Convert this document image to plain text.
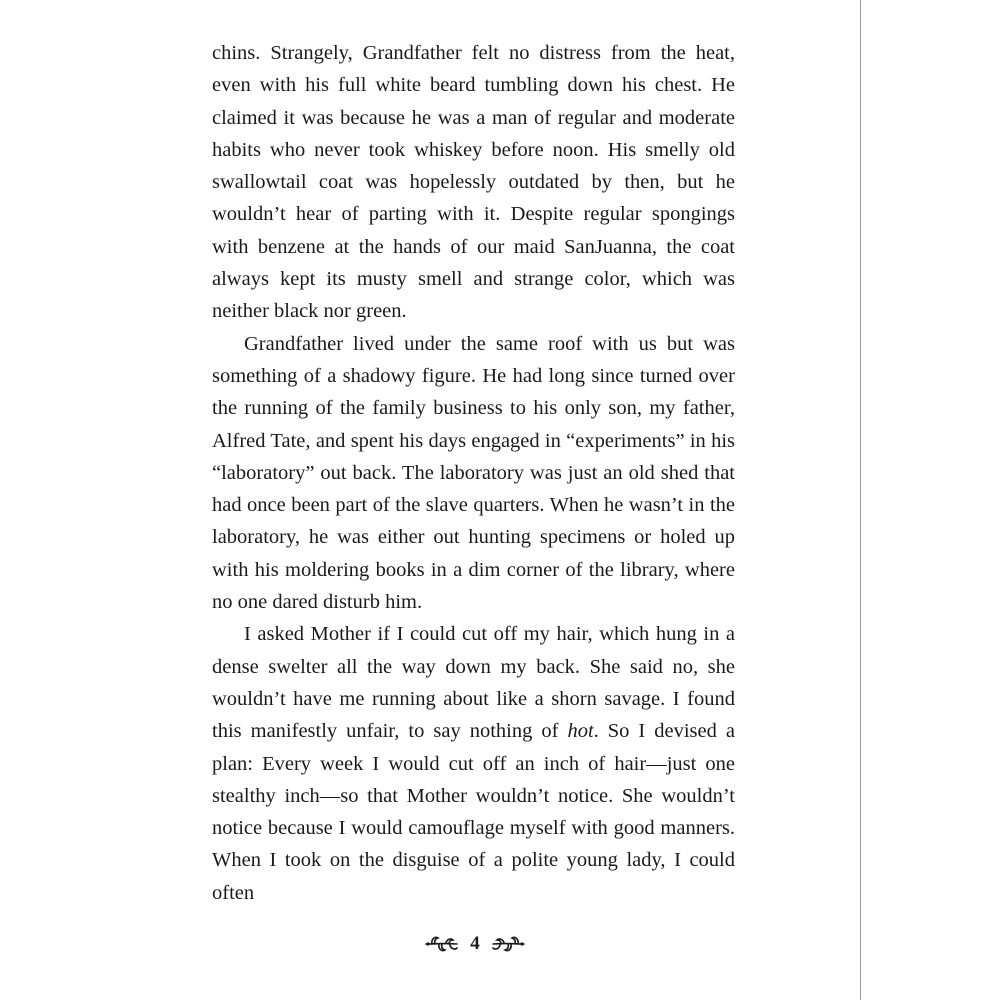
chins. Strangely, Grandfather felt no distress from the heat, even with his full white beard tumbling down his chest. He claimed it was because he was a man of regular and moderate habits who never took whiskey before noon. His smelly old swallowtail coat was hopelessly outdated by then, but he wouldn’t hear of parting with it. Despite regular spongings with benzene at the hands of our maid SanJuanna, the coat always kept its musty smell and strange color, which was neither black nor green.

Grandfather lived under the same roof with us but was something of a shadowy figure. He had long since turned over the running of the family business to his only son, my father, Alfred Tate, and spent his days engaged in “experiments” in his “laboratory” out back. The laboratory was just an old shed that had once been part of the slave quarters. When he wasn’t in the laboratory, he was either out hunting specimens or holed up with his moldering books in a dim corner of the library, where no one dared disturb him.

I asked Mother if I could cut off my hair, which hung in a dense swelter all the way down my back. She said no, she wouldn’t have me running about like a shorn savage. I found this manifestly unfair, to say nothing of hot. So I devised a plan: Every week I would cut off an inch of hair—just one stealthy inch—so that Mother wouldn’t notice. She wouldn’t notice because I would camouflage myself with good manners. When I took on the disguise of a polite young lady, I could often

4
